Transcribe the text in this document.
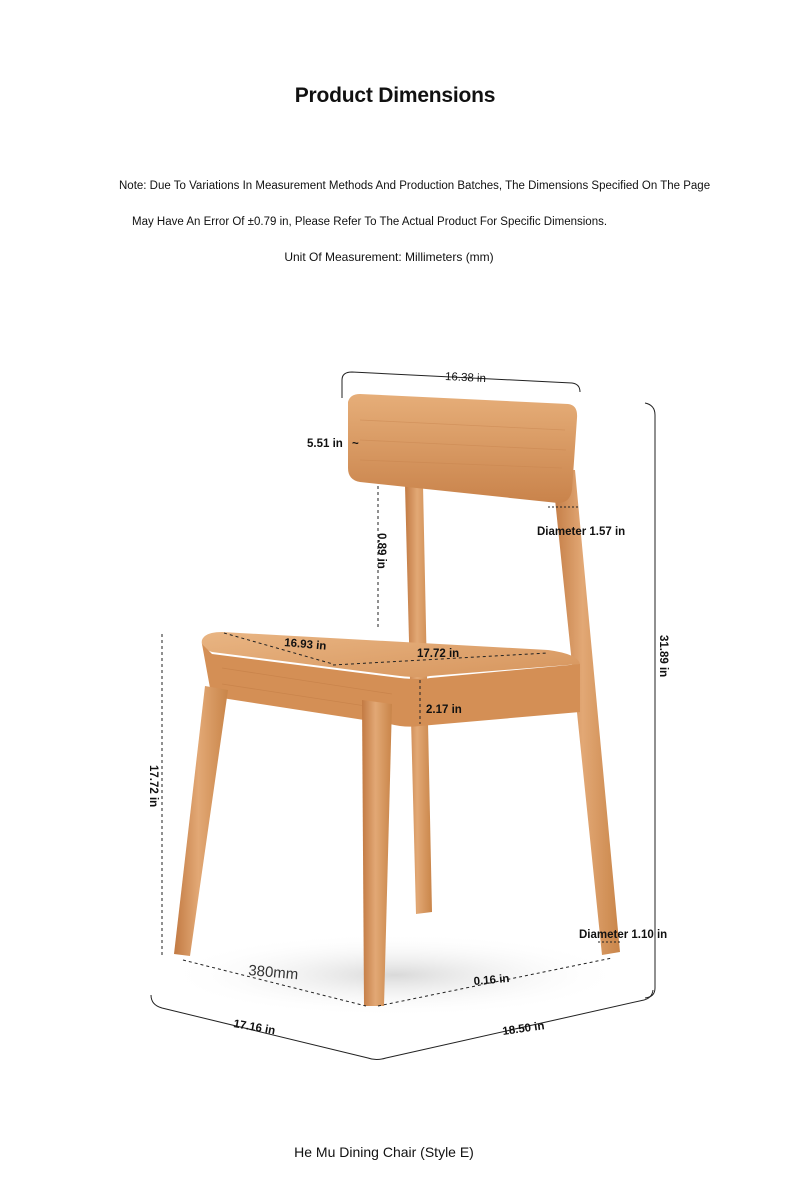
Product Dimensions
Note: Due To Variations In Measurement Methods And Production Batches, The Dimensions Specified On The Page
May Have An Error Of ±0.79 in, Please Refer To The Actual Product For Specific Dimensions.
Unit Of Measurement: Millimeters (mm)
16.38 in
5.51 in ~
0.89 in
Diameter 1.57 in
31.89 in
16.93 in
17.72 in
2.17 in
17.72 in
Diameter 1.10 in
380mm	0.16 in
17.16 in	18.50 in
He Mu Dining Chair (Style E)
